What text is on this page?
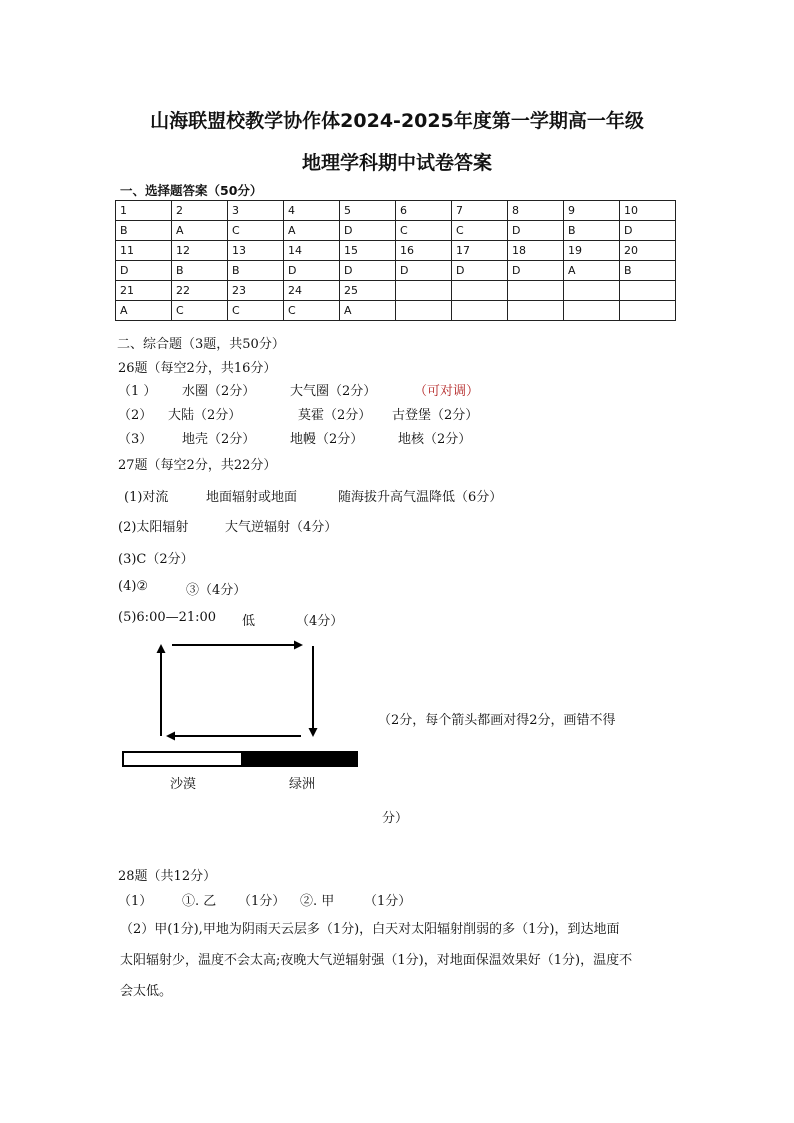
山海联盟校教学协作体2024-2025年度第一学期高一年级
地理学科期中试卷答案
一、选择题答案（50分）
1	2	3	4	5	6	7	8	9	10
B	A	C	A	D	C	C	D	B	D
11	12	13	14	15	16	17	18	19	20
D	B	B	D	D	D	D	D	A	B
21	22	23	24	25					
A	C	C	C	A					
二、综合题（3题，共50分）
26题（每空2分，共16分）
（1 ） 水圈（2分）	大气圈（2分）	（可对调）
（2） 大陆（2分）	莫霍（2分） 古登堡（2分）
（3） 地壳（2分）	地幔（2分）	地核（2分）
27题（每空2分，共22分）
(1)对流	地面辐射或地面	随海拔升高气温降低（6分）
(2)太阳辐射	大气逆辐射（4分）
(3)C（2分）
(4)②	③（4分）
(5)6:00—21:00 低	（4分）
沙漠	绿洲
（2分，每个箭头都画对得2分，画错不得
分）
28题（共12分）
（1） ①. 乙 （1分） ②. 甲 （1分）
（2）甲(1分),甲地为阴雨天云层多（1分)，白天对太阳辐射削弱的多（1分)，到达地面
太阳辐射少，温度不会太高;夜晚大气逆辐射强（1分)，对地面保温效果好（1分)，温度不
会太低。
